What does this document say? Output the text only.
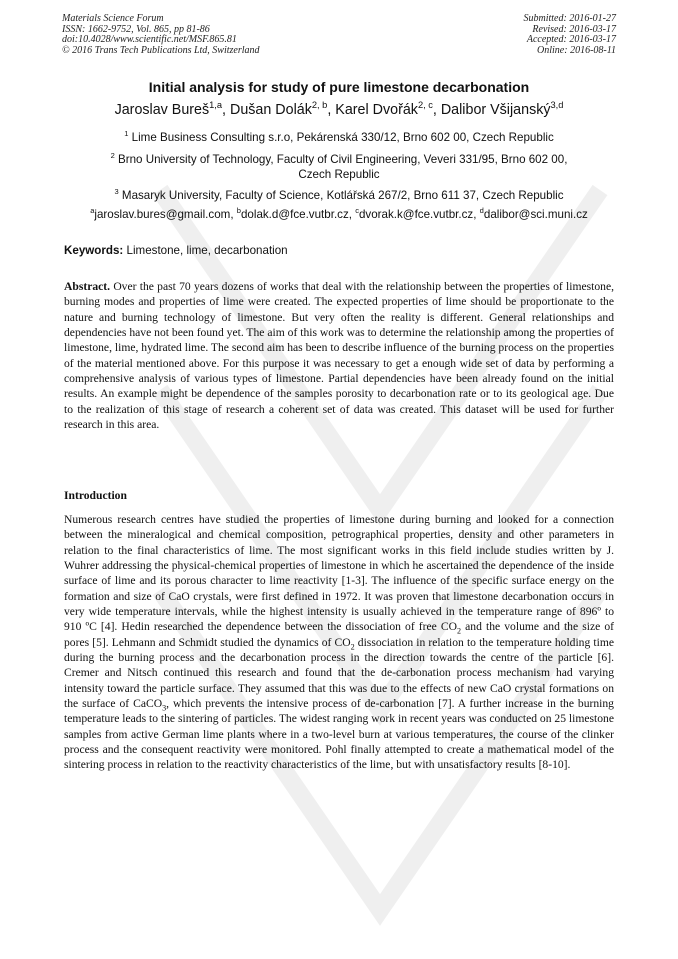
Materials Science Forum
ISSN: 1662-9752, Vol. 865, pp 81-86
doi:10.4028/www.scientific.net/MSF.865.81
© 2016 Trans Tech Publications Ltd, Switzerland
Submitted: 2016-01-27
Revised: 2016-03-17
Accepted: 2016-03-17
Online: 2016-08-11
Initial analysis for study of pure limestone decarbonation
Jaroslav Bureš$^{1,a}$, Dušan Dolák$^{2, b}$, Karel Dvořák$^{2, c}$, Dalibor Všijanský$^{3,d}$
$^1$ Lime Business Consulting s.r.o, Pekárenská 330/12, Brno 602 00, Czech Republic
$^2$ Brno University of Technology, Faculty of Civil Engineering, Veveri 331/95, Brno 602 00,
Czech Republic
$^3$ Masaryk University, Faculty of Science, Kotlářská 267/2, Brno 611 37, Czech Republic
$^a$jaroslav.bures@gmail.com, $^b$dolak.d@fce.vutbr.cz, $^c$dvorak.k@fce.vutbr.cz, $^d$dalibor@sci.muni.cz
Keywords: Limestone, lime, decarbonation
Abstract. Over the past 70 years dozens of works that deal with the relationship between the properties of limestone, burning modes and properties of lime were created. The expected properties of lime should be proportionate to the nature and burning technology of limestone. But very often the reality is different. General relationships and dependencies have not been found yet. The aim of this work was to determine the relationship among the properties of limestone, lime, hydrated lime. The second aim has been to describe influence of the burning process on the properties of the material mentioned above. For this purpose it was necessary to get a enough wide set of data by performing a comprehensive analysis of various types of limestone. Partial dependencies have been already found on the initial results. An example might be dependence of the samples porosity to decarbonation rate or to its geological age. Due to the realization of this stage of research a coherent set of data was created. This dataset will be used for further research in this area.
Introduction
Numerous research centres have studied the properties of limestone during burning and looked for a connection between the mineralogical and chemical composition, petrographical properties, density and other parameters in relation to the final characteristics of lime. The most significant works in this field include studies written by J. Wuhrer addressing the physical-chemical properties of limestone in which he ascertained the dependence of the inside surface of lime and its porous character to lime reactivity [1-3]. The influence of the specific surface energy on the formation and size of CaO crystals, were first defined in 1972. It was proven that limestone decarbonation occurs in very wide temperature intervals, while the highest intensity is usually achieved in the temperature range of 896º to 910 ºC [4]. Hedin researched the dependence between the dissociation of free $CO_2$ and the volume and the size of pores [5]. Lehmann and Schmidt studied the dynamics of $CO_2$ dissociation in relation to the temperature holding time during the burning process and the decarbonation process in the direction towards the centre of the particle [6]. Cremer and Nitsch continued this research and found that the de-carbonation process mechanism had varying intensity toward the particle surface. They assumed that this was due to the effects of new CaO crystal formations on the surface of CaCO$_3$, which prevents the intensive process of de-carbonation [7]. A further increase in the burning temperature leads to the sintering of particles. The widest ranging work in recent years was conducted on 25 limestone samples from active German lime plants where in a two-level burn at various temperatures, the course of the clinker process and the consequent reactivity were monitored. Pohl finally attempted to create a mathematical model of the sintering process in relation to the reactivity characteristics of the lime, but with unsatisfactory results [8-10].
